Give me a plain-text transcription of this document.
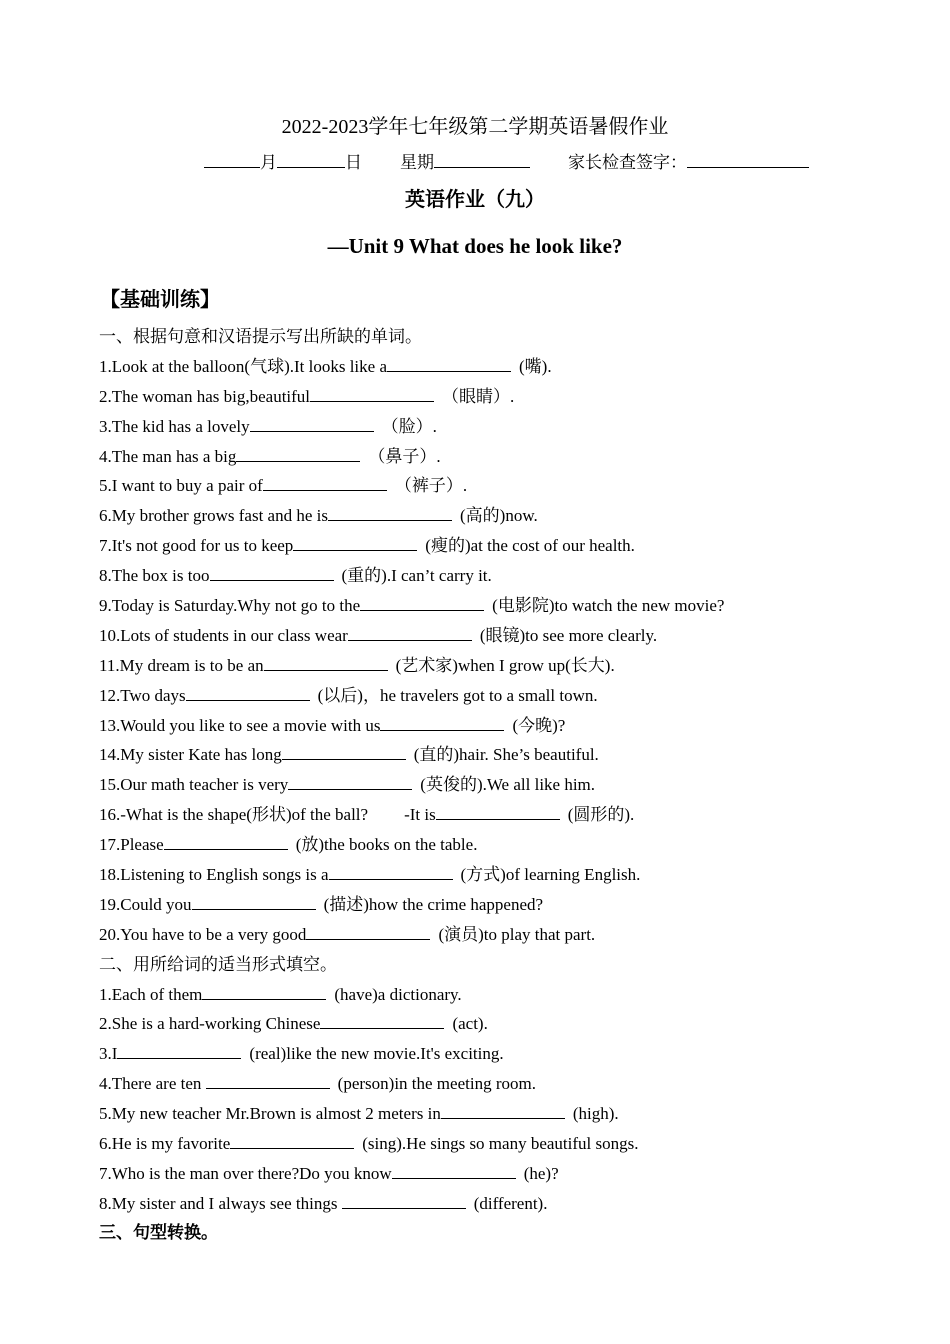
2022-2023学年七年级第二学期英语暑假作业
月	日 星期	家长检查签字：
英语作业（九）
—Unit 9 What does he look like?
【基础训练】
一、根据句意和汉语提示写出所缺的单词。
1.Look at the balloon(气球).It looks like a	(嘴).
2.The woman has big,beautiful	（眼睛）.
3.The kid has a lovely	（脸）.
4.The man has a big	（鼻子）.
5.I want to buy a pair of	（裤子）.
6.My brother grows fast and he is	(高的)now.
7.It's not good for us to keep	(瘦的)at the cost of our health.
8.The box is too	(重的).I can’t carry it.
9.Today is Saturday.Why not go to the	(电影院)to watch the new movie?
10.Lots of students in our class wear	(眼镜)to see more clearly.
11.My dream is to be an	(艺术家)when I grow up(长大).
12.Two days	(以后)，he travelers got to a small town.
13.Would you like to see a movie with us	(今晚)?
14.My sister Kate has long	(直的)hair. She’s beautiful.
15.Our math teacher is very	(英俊的).We all like him.
16.-What is the shape(形状)of the ball? -It is	(圆形的).
17.Please	(放)the books on the table.
18.Listening to English songs is a	(方式)of learning English.
19.Could you	(描述)how the crime happened?
20.You have to be a very good	(演员)to play that part.
二、用所给词的适当形式填空。
1.Each of them	(have)a dictionary.
2.She is a hard-working Chinese	(act).
3.I	(real)like the new movie.It's exciting.
4.There are ten	(person)in the meeting room.
5.My new teacher Mr.Brown is almost 2 meters in	(high).
6.He is my favorite	(sing).He sings so many beautiful songs.
7.Who is the man over there?Do you know	(he)?
8.My sister and I always see things	(different).
三、句型转换。
